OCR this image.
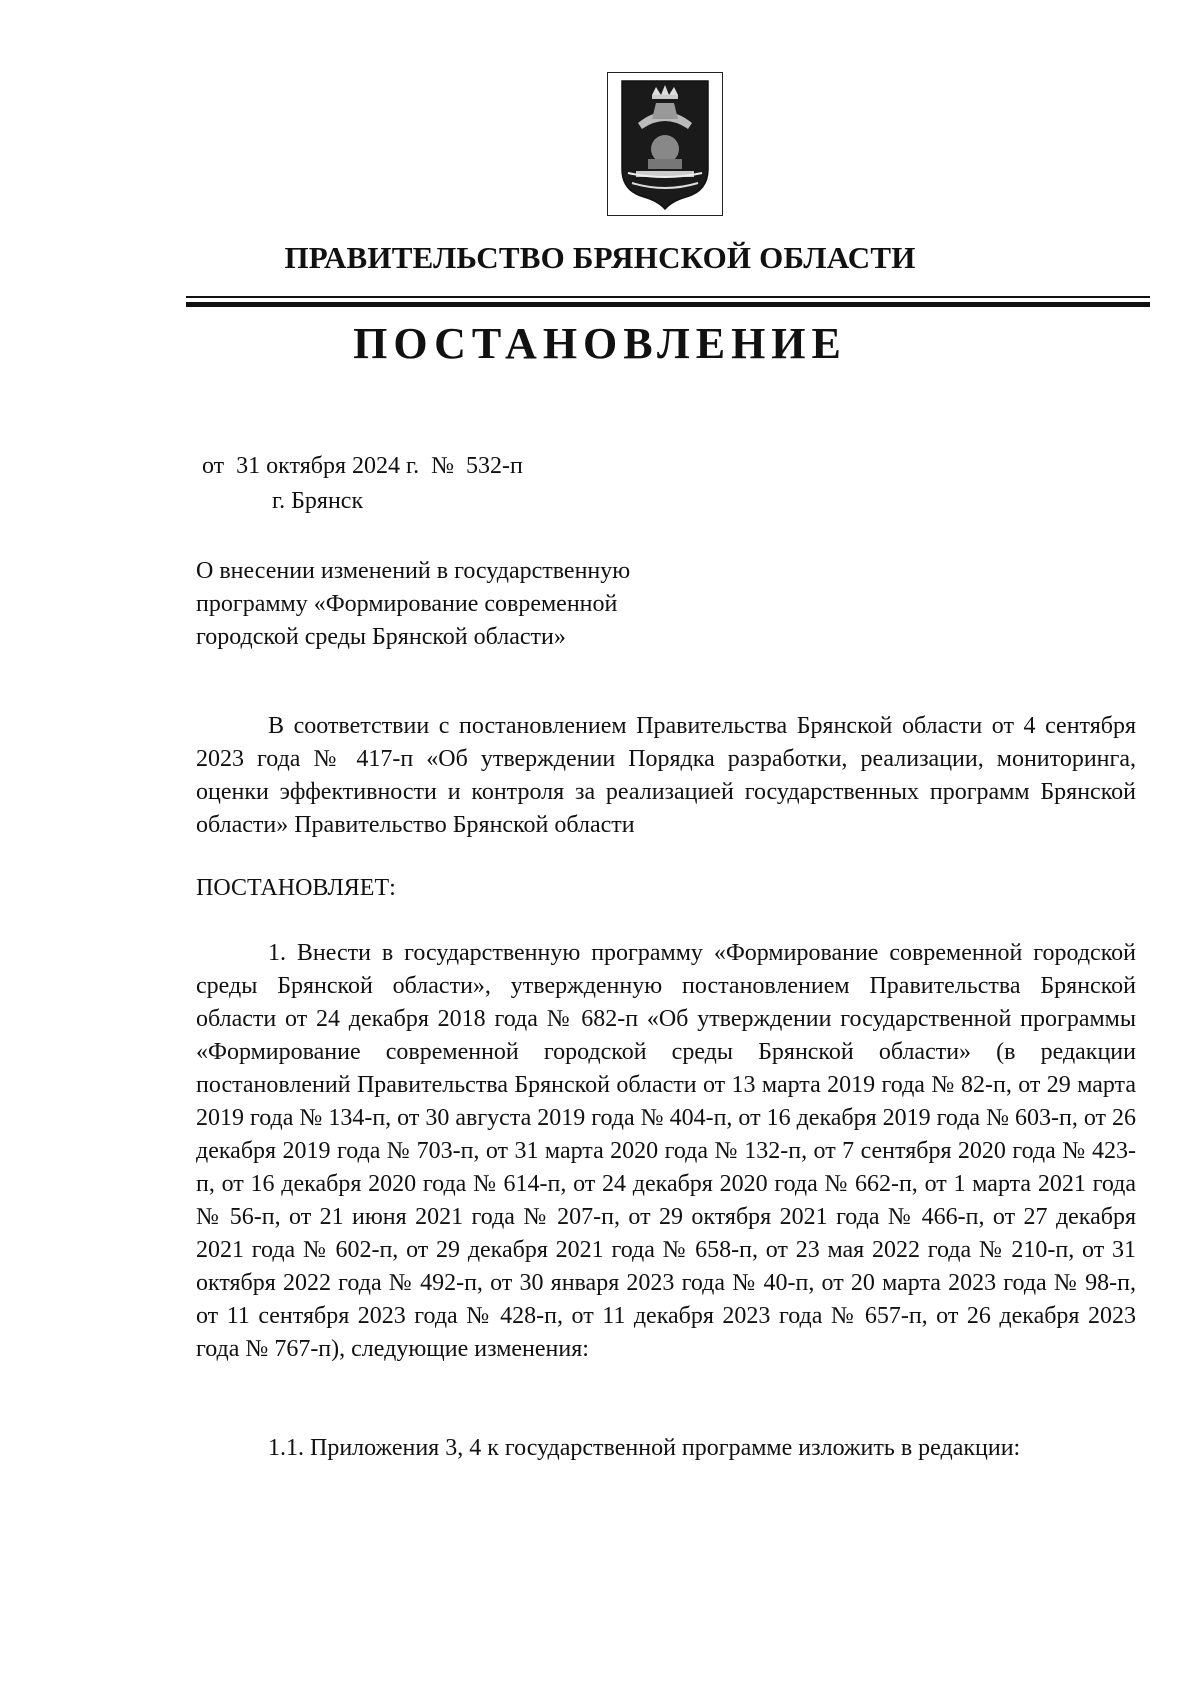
ПРАВИТЕЛЬСТВО БРЯНСКОЙ ОБЛАСТИ
ПОСТАНОВЛЕНИЕ
от  31 октября 2024 г.  №  532-п
г. Брянск
О внесении изменений в государственную
программу «Формирование современной
городской среды Брянской области»

В соответствии с постановлением Правительства Брянской области от 4 сентября 2023 года № 417-п «Об утверждении Порядка разработки, реализации, мониторинга, оценки эффективности и контроля за реализацией государственных программ Брянской области» Правительство Брянской области

ПОСТАНОВЛЯЕТ:

1. Внести в государственную программу «Формирование современной городской среды Брянской области», утвержденную постановлением Правительства Брянской области от 24 декабря 2018 года № 682-п «Об утверждении государственной программы «Формирование современной городской среды Брянской области» (в редакции постановлений Правительства Брянской области от 13 марта 2019 года № 82-п, от 29 марта 2019 года № 134-п, от 30 августа 2019 года № 404-п, от 16 декабря 2019 года № 603-п, от 26 декабря 2019 года № 703-п, от 31 марта 2020 года № 132-п, от 7 сентября 2020 года № 423-п, от 16 декабря 2020 года № 614-п, от 24 декабря 2020 года № 662-п, от 1 марта 2021 года № 56-п, от 21 июня 2021 года № 207-п, от 29 октября 2021 года № 466-п, от 27 декабря 2021 года № 602-п, от 29 декабря 2021 года № 658-п, от 23 мая 2022 года № 210-п, от 31 октября 2022 года № 492-п, от 30 января 2023 года № 40-п, от 20 марта 2023 года № 98-п, от 11 сентября 2023 года № 428-п, от 11 декабря 2023 года № 657-п, от 26 декабря 2023 года № 767-п), следующие изменения:

1.1. Приложения 3, 4 к государственной программе изложить в редакции:
